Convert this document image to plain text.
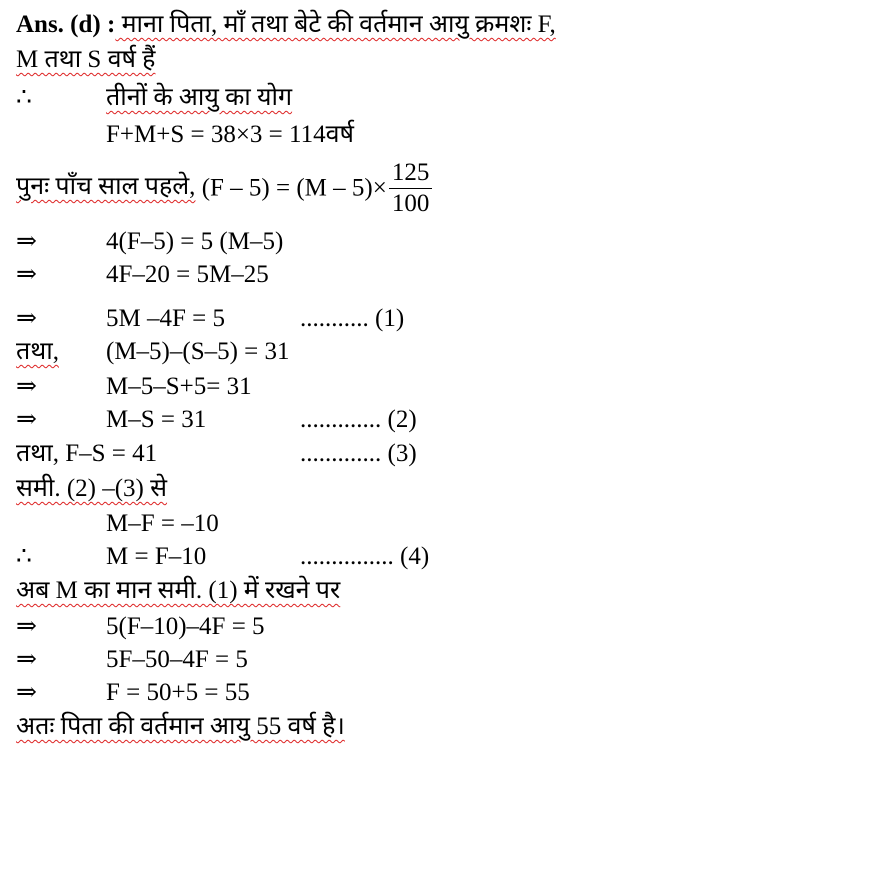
Ans. (d) : माना पिता, माँ तथा बेटे की वर्तमान आयु क्रमशः F,
M तथा S वर्ष हैं
∴	तीनों के आयु का योग
F+M+S = 38×3 = 114वर्ष
पुनः पाँच साल पहले, $(F - 5) = (M - 5)\times \frac{125}{100}$
⇒	4(F–5) = 5 (M–5)
⇒	4F–20 = 5M–25
⇒	5M –4F = 5	........... (1)
तथा, (M–5)–(S–5) = 31
⇒	M–5–S+5= 31
⇒	M–S = 31	............. (2)
तथा, F–S = 41	............. (3)
समी. (2) –(3) से
M–F = –10
∴	M = F–10	............... (4)
अब M का मान समी. (1) में रखने पर
⇒	5(F–10)–4F = 5
⇒	5F–50–4F = 5
⇒	F = 50+5 = 55
अतः पिता की वर्तमान आयु 55 वर्ष है।
